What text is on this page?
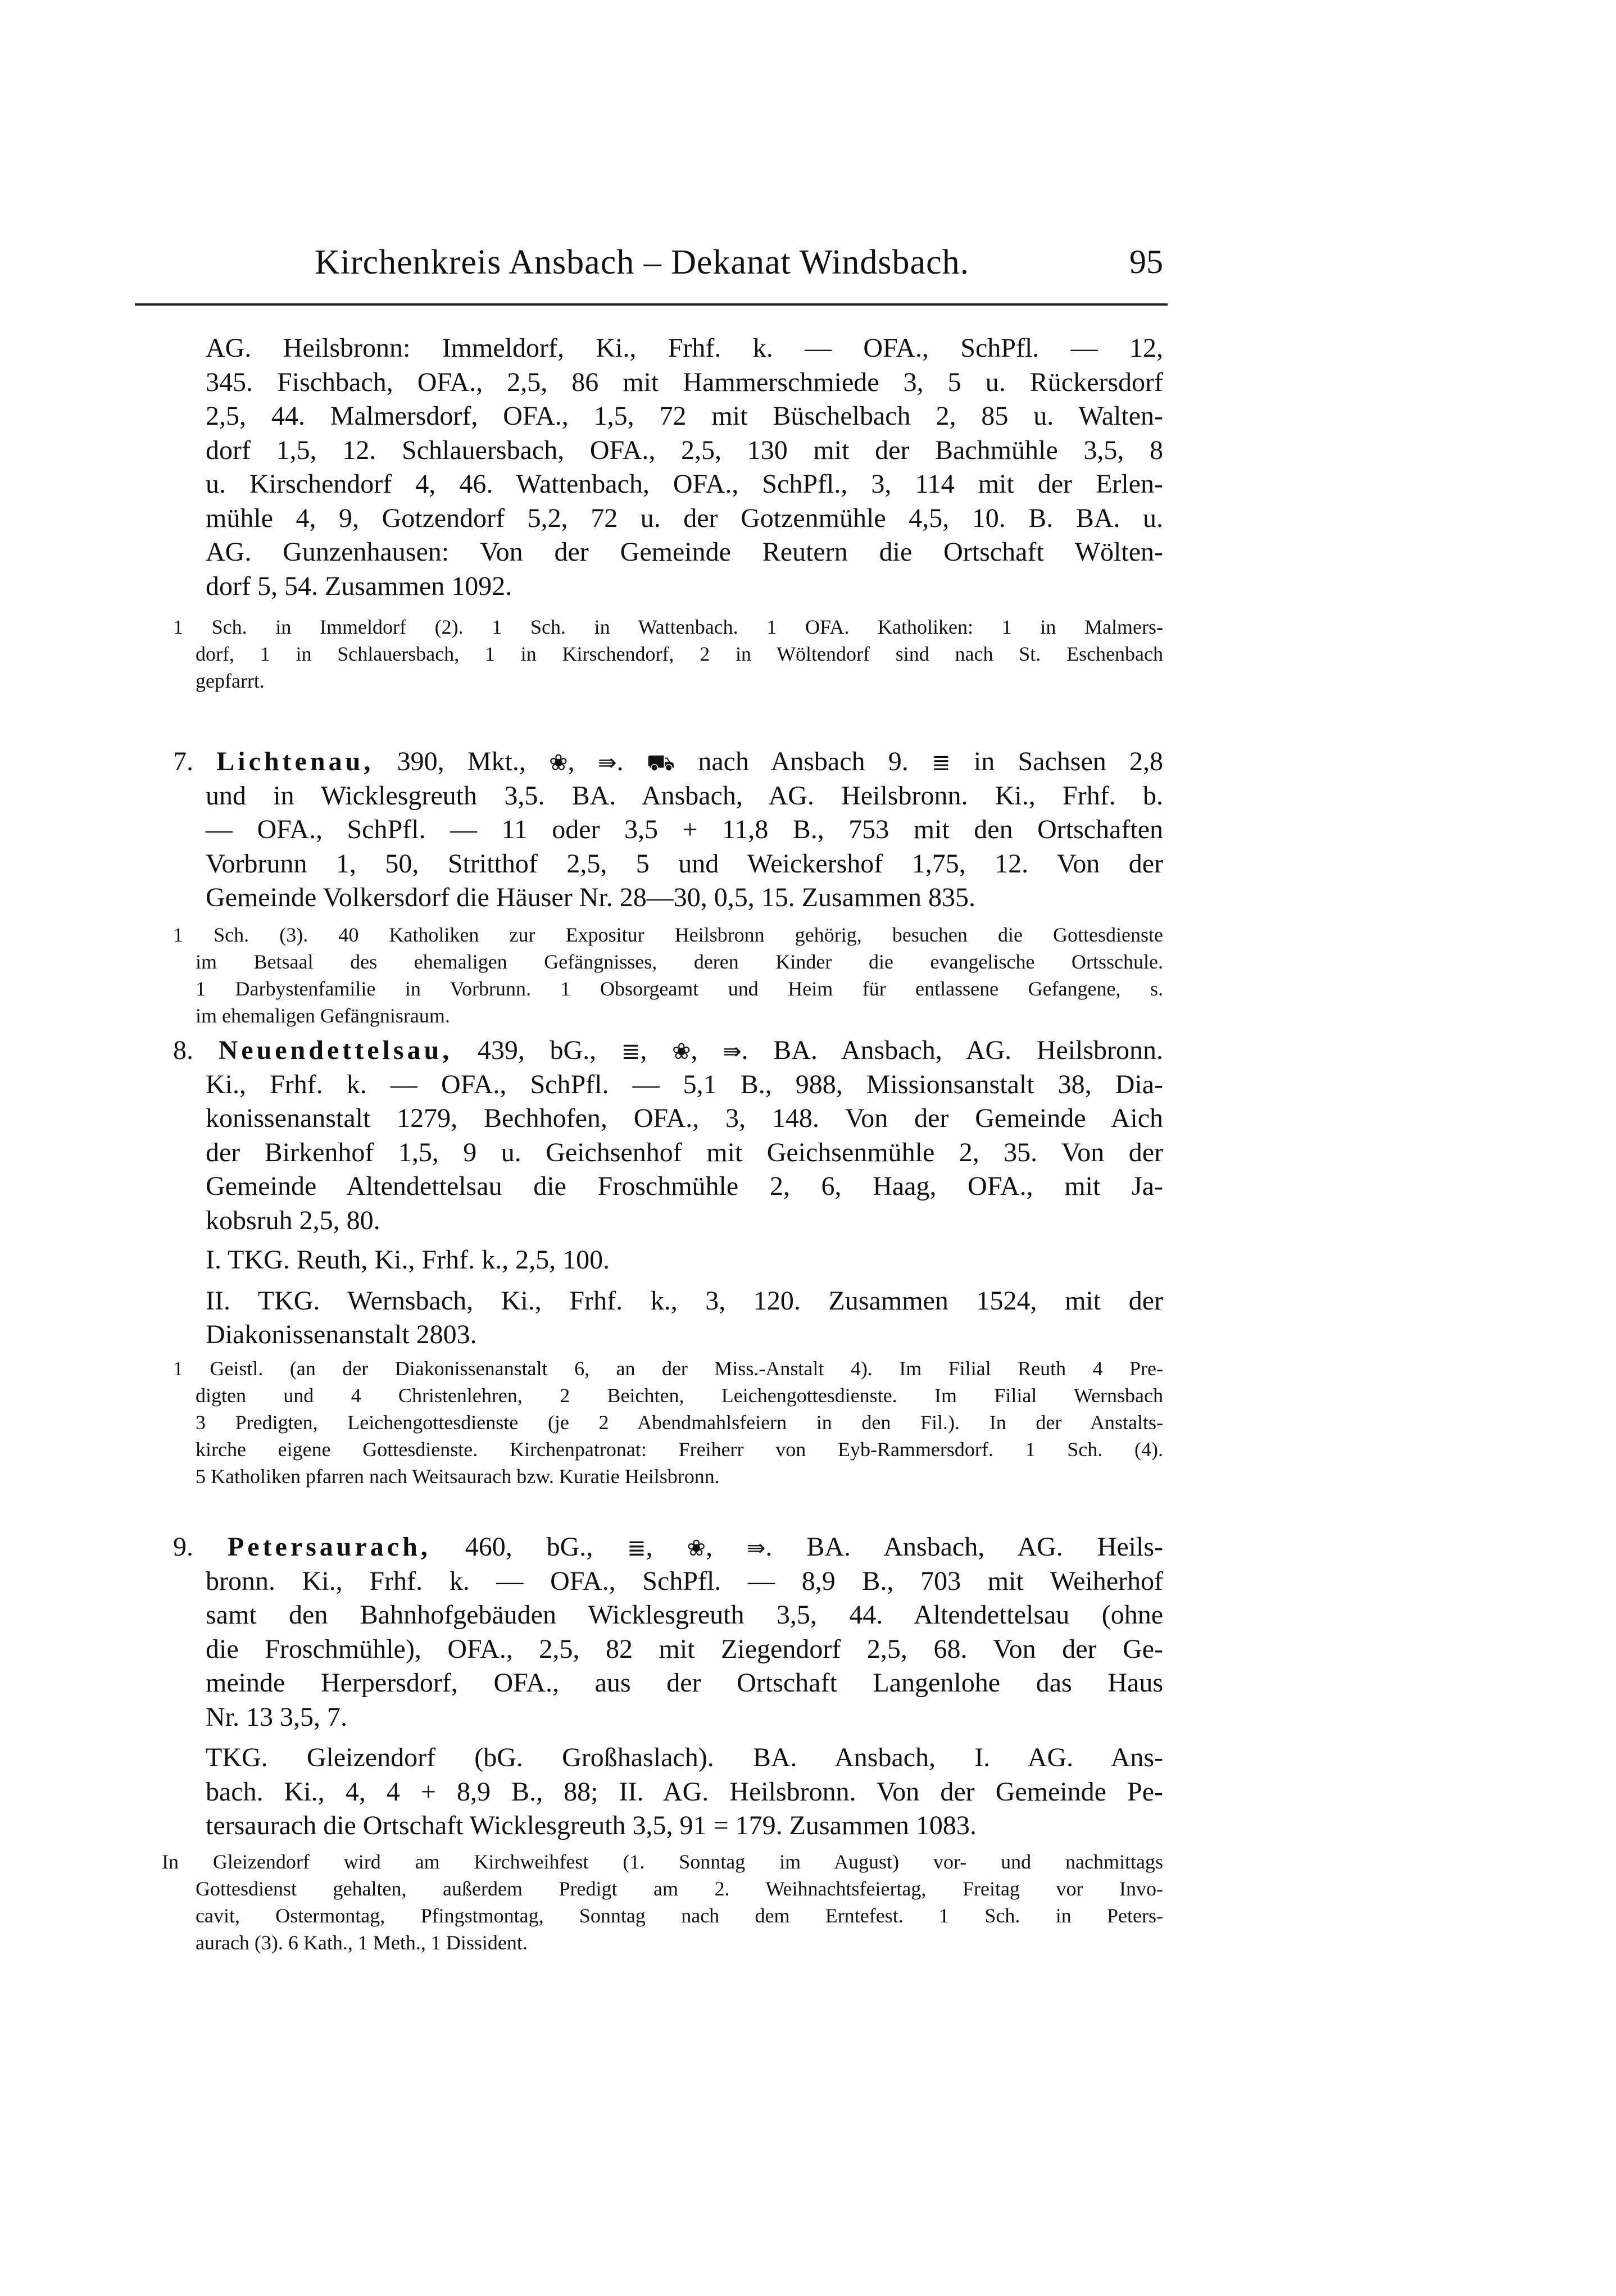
Kirchenkreis Ansbach – Dekanat Windsbach.	95
AG. Heilsbronn: Immeldorf, Ki., Frhf. k. — OFA., SchPfl. — 12,
345. Fischbach, OFA., 2,5, 86 mit Hammerschmiede 3, 5 u. Rückersdorf
2,5, 44. Malmersdorf, OFA., 1,5, 72 mit Büschelbach 2, 85 u. Walten-
dorf 1,5, 12. Schlauersbach, OFA., 2,5, 130 mit der Bachmühle 3,5, 8
u. Kirschendorf 4, 46. Wattenbach, OFA., SchPfl., 3, 114 mit der Erlen-
mühle 4, 9, Gotzendorf 5,2, 72 u. der Gotzenmühle 4,5, 10. B. BA. u.
AG. Gunzenhausen: Von der Gemeinde Reutern die Ortschaft Wölten-
dorf 5, 54. Zusammen 1092.
1 Sch. in Immeldorf (2). 1 Sch. in Wattenbach. 1 OFA. Katholiken: 1 in Malmers-
dorf, 1 in Schlauersbach, 1 in Kirschendorf, 2 in Wöltendorf sind nach St. Eschenbach
gepfarrt.
7. Lichtenau, 390, Mkt., ❀, ⇛. ⛟ nach Ansbach 9. ≣ in Sachsen 2,8
und in Wicklesgreuth 3,5. BA. Ansbach, AG. Heilsbronn. Ki., Frhf. b.
— OFA., SchPfl. — 11 oder 3,5 + 11,8 B., 753 mit den Ortschaften
Vorbrunn 1, 50, Stritthof 2,5, 5 und Weickershof 1,75, 12. Von der
Gemeinde Volkersdorf die Häuser Nr. 28—30, 0,5, 15. Zusammen 835.
1 Sch. (3). 40 Katholiken zur Expositur Heilsbronn gehörig, besuchen die Gottesdienste
im Betsaal des ehemaligen Gefängnisses, deren Kinder die evangelische Ortsschule.
1 Darbystenfamilie in Vorbrunn. 1 Obsorgeamt und Heim für entlassene Gefangene, s.
im ehemaligen Gefängnisraum.
8. Neuendettelsau, 439, bG., ≣, ❀, ⇛. BA. Ansbach, AG. Heilsbronn.
Ki., Frhf. k. — OFA., SchPfl. — 5,1 B., 988, Missionsanstalt 38, Dia-
konissenanstalt 1279, Bechhofen, OFA., 3, 148. Von der Gemeinde Aich
der Birkenhof 1,5, 9 u. Geichsenhof mit Geichsenmühle 2, 35. Von der
Gemeinde Altendettelsau die Froschmühle 2, 6, Haag, OFA., mit Ja-
kobsruh 2,5, 80.
I. TKG. Reuth, Ki., Frhf. k., 2,5, 100.
II. TKG. Wernsbach, Ki., Frhf. k., 3, 120. Zusammen 1524, mit der
Diakonissenanstalt 2803.
1 Geistl. (an der Diakonissenanstalt 6, an der Miss.-Anstalt 4). Im Filial Reuth 4 Pre-
digten und 4 Christenlehren, 2 Beichten, Leichengottesdienste. Im Filial Wernsbach
3 Predigten, Leichengottesdienste (je 2 Abendmahlsfeiern in den Fil.). In der Anstalts-
kirche eigene Gottesdienste. Kirchenpatronat: Freiherr von Eyb-Rammersdorf. 1 Sch. (4).
5 Katholiken pfarren nach Weitsaurach bzw. Kuratie Heilsbronn.
9. Petersaurach, 460, bG., ≣, ❀, ⇛. BA. Ansbach, AG. Heils-
bronn. Ki., Frhf. k. — OFA., SchPfl. — 8,9 B., 703 mit Weiherhof
samt den Bahnhofgebäuden Wicklesgreuth 3,5, 44. Altendettelsau (ohne
die Froschmühle), OFA., 2,5, 82 mit Ziegendorf 2,5, 68. Von der Ge-
meinde Herpersdorf, OFA., aus der Ortschaft Langenlohe das Haus
Nr. 13 3,5, 7.
TKG. Gleizendorf (bG. Großhaslach). BA. Ansbach, I. AG. Ans-
bach. Ki., 4, 4 + 8,9 B., 88; II. AG. Heilsbronn. Von der Gemeinde Pe-
tersaurach die Ortschaft Wicklesgreuth 3,5, 91 = 179. Zusammen 1083.
In Gleizendorf wird am Kirchweihfest (1. Sonntag im August) vor- und nachmittags
Gottesdienst gehalten, außerdem Predigt am 2. Weihnachtsfeiertag, Freitag vor Invo-
cavit, Ostermontag, Pfingstmontag, Sonntag nach dem Erntefest. 1 Sch. in Peters-
aurach (3). 6 Kath., 1 Meth., 1 Dissident.
